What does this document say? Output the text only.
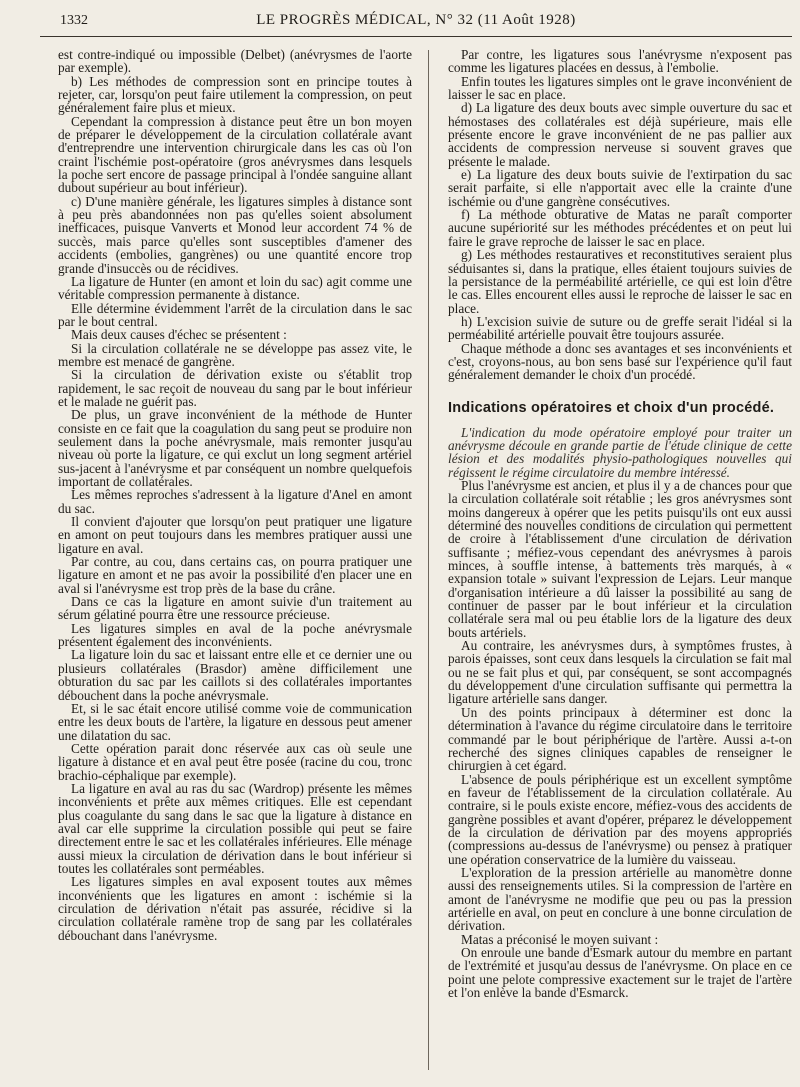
1332	LE PROGRÈS MÉDICAL, N° 32 (11 Août 1928)

est contre-indiqué ou impossible (Delbet) (anévrysmes de l'aorte par exemple).

b) Les méthodes de compression sont en principe toutes à rejeter, car, lorsqu'on peut faire utilement la compression, on peut généralement faire plus et mieux.

Cependant la compression à distance peut être un bon moyen de préparer le développement de la circulation collatérale avant d'entreprendre une intervention chirurgicale dans les cas où l'on craint l'ischémie post-opératoire (gros anévrysmes dans lesquels la poche sert encore de passage principal à l'ondée sanguine allant dubout supérieur au bout inférieur).

c) D'une manière générale, les ligatures simples à distance sont à peu près abandonnées non pas qu'elles soient absolument inefficaces, puisque Vanverts et Monod leur accordent 74 % de succès, mais parce qu'elles sont susceptibles d'amener des accidents (embolies, gangrènes) ou une quantité encore trop grande d'insuccès ou de récidives.

La ligature de Hunter (en amont et loin du sac) agit comme une véritable compression permanente à distance.

Elle détermine évidemment l'arrêt de la circulation dans le sac par le bout central.

Mais deux causes d'échec se présentent :

Si la circulation collatérale ne se développe pas assez vite, le membre est menacé de gangrène.

Si la circulation de dérivation existe ou s'établit trop rapidement, le sac reçoit de nouveau du sang par le bout inférieur et le malade ne guérit pas.

De plus, un grave inconvénient de la méthode de Hunter consiste en ce fait que la coagulation du sang peut se produire non seulement dans la poche anévrysmale, mais remonter jusqu'au niveau où porte la ligature, ce qui exclut un long segment artériel sus-jacent à l'anévrysme et par conséquent un nombre quelquefois important de collatérales.

Les mêmes reproches s'adressent à la ligature d'Anel en amont du sac.

Il convient d'ajouter que lorsqu'on peut pratiquer une ligature en amont on peut toujours dans les membres pratiquer aussi une ligature en aval.

Par contre, au cou, dans certains cas, on pourra pratiquer une ligature en amont et ne pas avoir la possibilité d'en placer une en aval si l'anévrysme est trop près de la base du crâne.

Dans ce cas la ligature en amont suivie d'un traitement au sérum gélatiné pourra être une ressource précieuse.

Les ligatures simples en aval de la poche anévrysmale présentent également des inconvénients.

La ligature loin du sac et laissant entre elle et ce dernier une ou plusieurs collatérales (Brasdor) amène difficilement une obturation du sac par les caillots si des collatérales importantes débouchent dans la poche anévrysmale.

Et, si le sac était encore utilisé comme voie de communication entre les deux bouts de l'artère, la ligature en dessous peut amener une dilatation du sac.

Cette opération parait donc réservée aux cas où seule une ligature à distance et en aval peut être posée (racine du cou, tronc brachio-céphalique par exemple).

La ligature en aval au ras du sac (Wardrop) présente les mêmes inconvénients et prête aux mêmes critiques. Elle est cependant plus coagulante du sang dans le sac que la ligature à distance en aval car elle supprime la circulation possible qui peut se faire directement entre le sac et les collatérales inférieures. Elle ménage aussi mieux la circulation de dérivation dans le bout inférieur si toutes les collatérales sont perméables.

Les ligatures simples en aval exposent toutes aux mêmes inconvénients que les ligatures en amont : ischémie si la circulation de dérivation n'était pas assurée, récidive si la circulation collatérale ramène trop de sang par les collatérales débouchant dans l'anévrysme.

Par contre, les ligatures sous l'anévrysme n'exposent pas comme les ligatures placées en dessus, à l'embolie.

Enfin toutes les ligatures simples ont le grave inconvénient de laisser le sac en place.

d) La ligature des deux bouts avec simple ouverture du sac et hémostases des collatérales est déjà supérieure, mais elle présente encore le grave inconvénient de ne pas pallier aux accidents de compression nerveuse si souvent graves que présente le malade.

e) La ligature des deux bouts suivie de l'extirpation du sac serait parfaite, si elle n'apportait avec elle la crainte d'une ischémie ou d'une gangrène consécutives.

f) La méthode obturative de Matas ne paraît comporter aucune supériorité sur les méthodes précédentes et on peut lui faire le grave reproche de laisser le sac en place.

g) Les méthodes restauratives et reconstitutives seraient plus séduisantes si, dans la pratique, elles étaient toujours suivies de la persistance de la perméabilité artérielle, ce qui est loin d'être le cas. Elles encourent elles aussi le reproche de laisser le sac en place.

h) L'excision suivie de suture ou de greffe serait l'idéal si la perméabilité artérielle pouvait être toujours assurée.

Chaque méthode a donc ses avantages et ses inconvénients et c'est, croyons-nous, au bon sens basé sur l'expérience qu'il faut généralement demander le choix d'un procédé.

Indications opératoires et choix d'un procédé.

L'indication du mode opératoire employé pour traiter un anévrysme découle en grande partie de l'étude clinique de cette lésion et des modalités physio-pathologiques nouvelles qui régissent le régime circulatoire du membre intéressé.

Plus l'anévrysme est ancien, et plus il y a de chances pour que la circulation collatérale soit rétablie ; les gros anévrysmes sont moins dangereux à opérer que les petits puisqu'ils ont eux aussi déterminé des nouvelles conditions de circulation qui permettent de croire à l'établissement d'une circulation de dérivation suffisante ; méfiez-vous cependant des anévrysmes à parois minces, à souffle intense, à battements très marqués, à « expansion totale » suivant l'expression de Lejars. Leur manque d'organisation intérieure a dû laisser la possibilité au sang de continuer de passer par le bout inférieur et la circulation collatérale sera mal ou peu établie lors de la ligature des deux bouts artériels.

Au contraire, les anévrysmes durs, à symptômes frustes, à parois épaisses, sont ceux dans lesquels la circulation se fait mal ou ne se fait plus et qui, par conséquent, se sont accompagnés du développement d'une circulation suffisante qui permettra la ligature artérielle sans danger.

Un des points principaux à déterminer est donc la détermination à l'avance du régime circulatoire dans le territoire commandé par le bout périphérique de l'artère. Aussi a-t-on recherché des signes cliniques capables de renseigner le chirurgien à cet égard.

L'absence de pouls périphérique est un excellent symptôme en faveur de l'établissement de la circulation collatérale. Au contraire, si le pouls existe encore, méfiez-vous des accidents de gangrène possibles et avant d'opérer, préparez le développement de la circulation de dérivation par des moyens appropriés (compressions au-dessus de l'anévrysme) ou pensez à pratiquer une opération conservatrice de la lumière du vaisseau.

L'exploration de la pression artérielle au manomètre donne aussi des renseignements utiles. Si la compression de l'artère en amont de l'anévrysme ne modifie que peu ou pas la pression artérielle en aval, on peut en conclure à une bonne circulation de dérivation.

Matas a préconisé le moyen suivant :

On enroule une bande d'Esmark autour du membre en partant de l'extrémité et jusqu'au dessus de l'anévrysme. On place en ce point une pelote compressive exactement sur le trajet de l'artère et l'on enlève la bande d'Esmarck.
